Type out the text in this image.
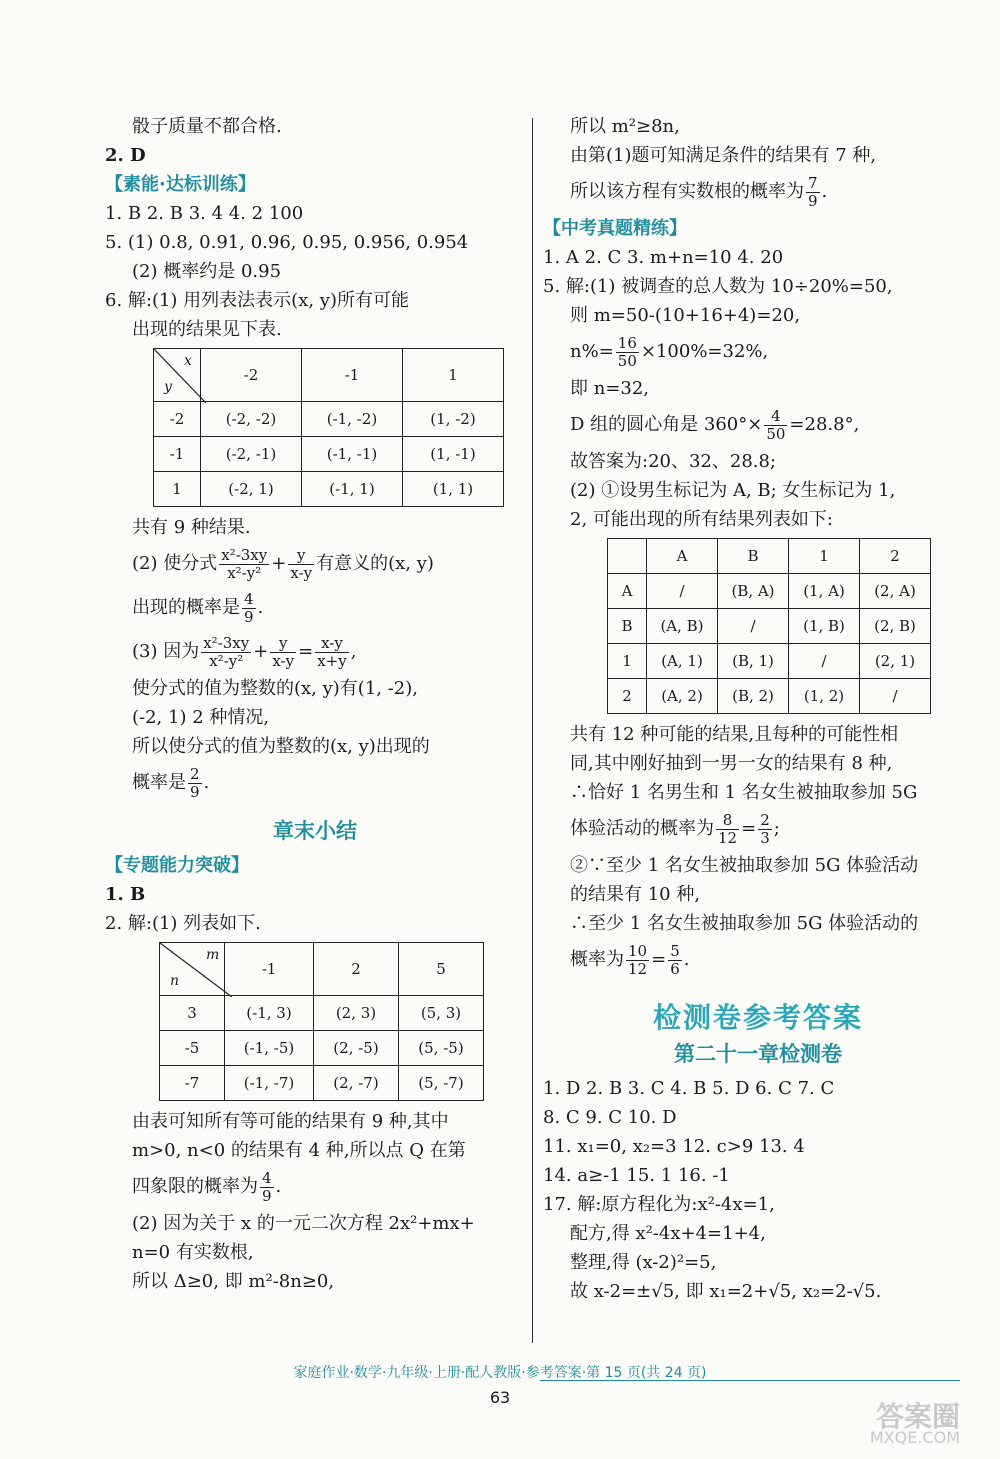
骰子质量不都合格.
2. D
【素能·达标训练】
1. B 2. B 3. 4 4. 2 100
5. (1) 0.8, 0.91, 0.96, 0.95, 0.956, 0.954
(2) 概率约是 0.95
6. 解:(1) 用列表法表示(x, y)所有可能
出现的结果见下表.
x
y	-2	-1	1
-2	(-2, -2)	(-1, -2)	(1, -2)
-1	(-2, -1)	(-1, -1)	(1, -1)
1	(-2, 1)	(-1, 1)	(1, 1)
共有 9 种结果.
(2) 使分式 $\frac{\text{x²-3xy}}{\text{x²-y²}} + \frac{y}{x-y}$ 有意义的(x, y)
出现的概率是 $\frac{4}{9}$ .
(3) 因为 $\frac{\text{x²-3xy}}{\text{x²-y²}} + \frac{y}{x-y} = \frac{x-y}{x+y}$ ,
使分式的值为整数的(x, y)有(1, -2),
(-2, 1) 2 种情况,
所以使分式的值为整数的(x, y)出现的
概率是 $\frac{2}{9}$ .
章末小结
【专题能力突破】
1. B
2. 解:(1) 列表如下.
m
n	-1	2	5
3	(-1, 3)	(2, 3)	(5, 3)
-5	(-1, -5)	(2, -5)	(5, -5)
-7	(-1, -7)	(2, -7)	(5, -7)
由表可知所有等可能的结果有 9 种,其中
m>0, n<0 的结果有 4 种,所以点 Q 在第
四象限的概率为 $\frac{4}{9}$ .
(2) 因为关于 x 的一元二次方程 2x²+mx+
n=0 有实数根,
所以 Δ≥0, 即 m²-8n≥0,
所以 m²≥8n,
由第(1)题可知满足条件的结果有 7 种,
所以该方程有实数根的概率为 $\frac{7}{9}$ .
【中考真题精练】
1. A 2. C 3. m+n=10 4. 20
5. 解:(1) 被调查的总人数为 10÷20%=50,
则 m=50-(10+16+4)=20,
$n\%= \frac{16}{50} \times 100\%=32\%$,
即 n=32,
D 组的圆心角是 $360^\circ\times \frac{4}{50} =28.8^\circ$,
故答案为:20、32、28.8;
(2) ①设男生标记为 A, B; 女生标记为 1,
2, 可能出现的所有结果列表如下:
	A	B	1	2
A	/	(B, A)	(1, A)	(2, A)
B	(A, B)	/	(1, B)	(2, B)
1	(A, 1)	(B, 1)	/	(2, 1)
2	(A, 2)	(B, 2)	(1, 2)	/
共有 12 种可能的结果,且每种的可能性相
同,其中刚好抽到一男一女的结果有 8 种,
∴恰好 1 名男生和 1 名女生被抽取参加 5G
体验活动的概率为 $\frac{8}{12} = \frac{2}{3}$ ;
②∵至少 1 名女生被抽取参加 5G 体验活动
的结果有 10 种,
∴至少 1 名女生被抽取参加 5G 体验活动的
概率为 $\frac{10}{12} = \frac{5}{6}$ .
检测卷参考答案
第二十一章检测卷
1. D 2. B 3. C 4. B 5. D 6. C 7. C
8. C 9. C 10. D
11. x₁=0, x₂=3 12. c>9 13. 4
14. a≥-1 15. 1 16. -1
17. 解:原方程化为:x²-4x=1,
配方,得 x²-4x+4=1+4,
整理,得 (x-2)²=5,
故 x-2=±√5, 即 x₁=2+√5, x₂=2-√5.
家庭作业·数学·九年级·上册·配人教版·参考答案·第 15 页(共 24 页)
63
答案圈
MXQE.COM
